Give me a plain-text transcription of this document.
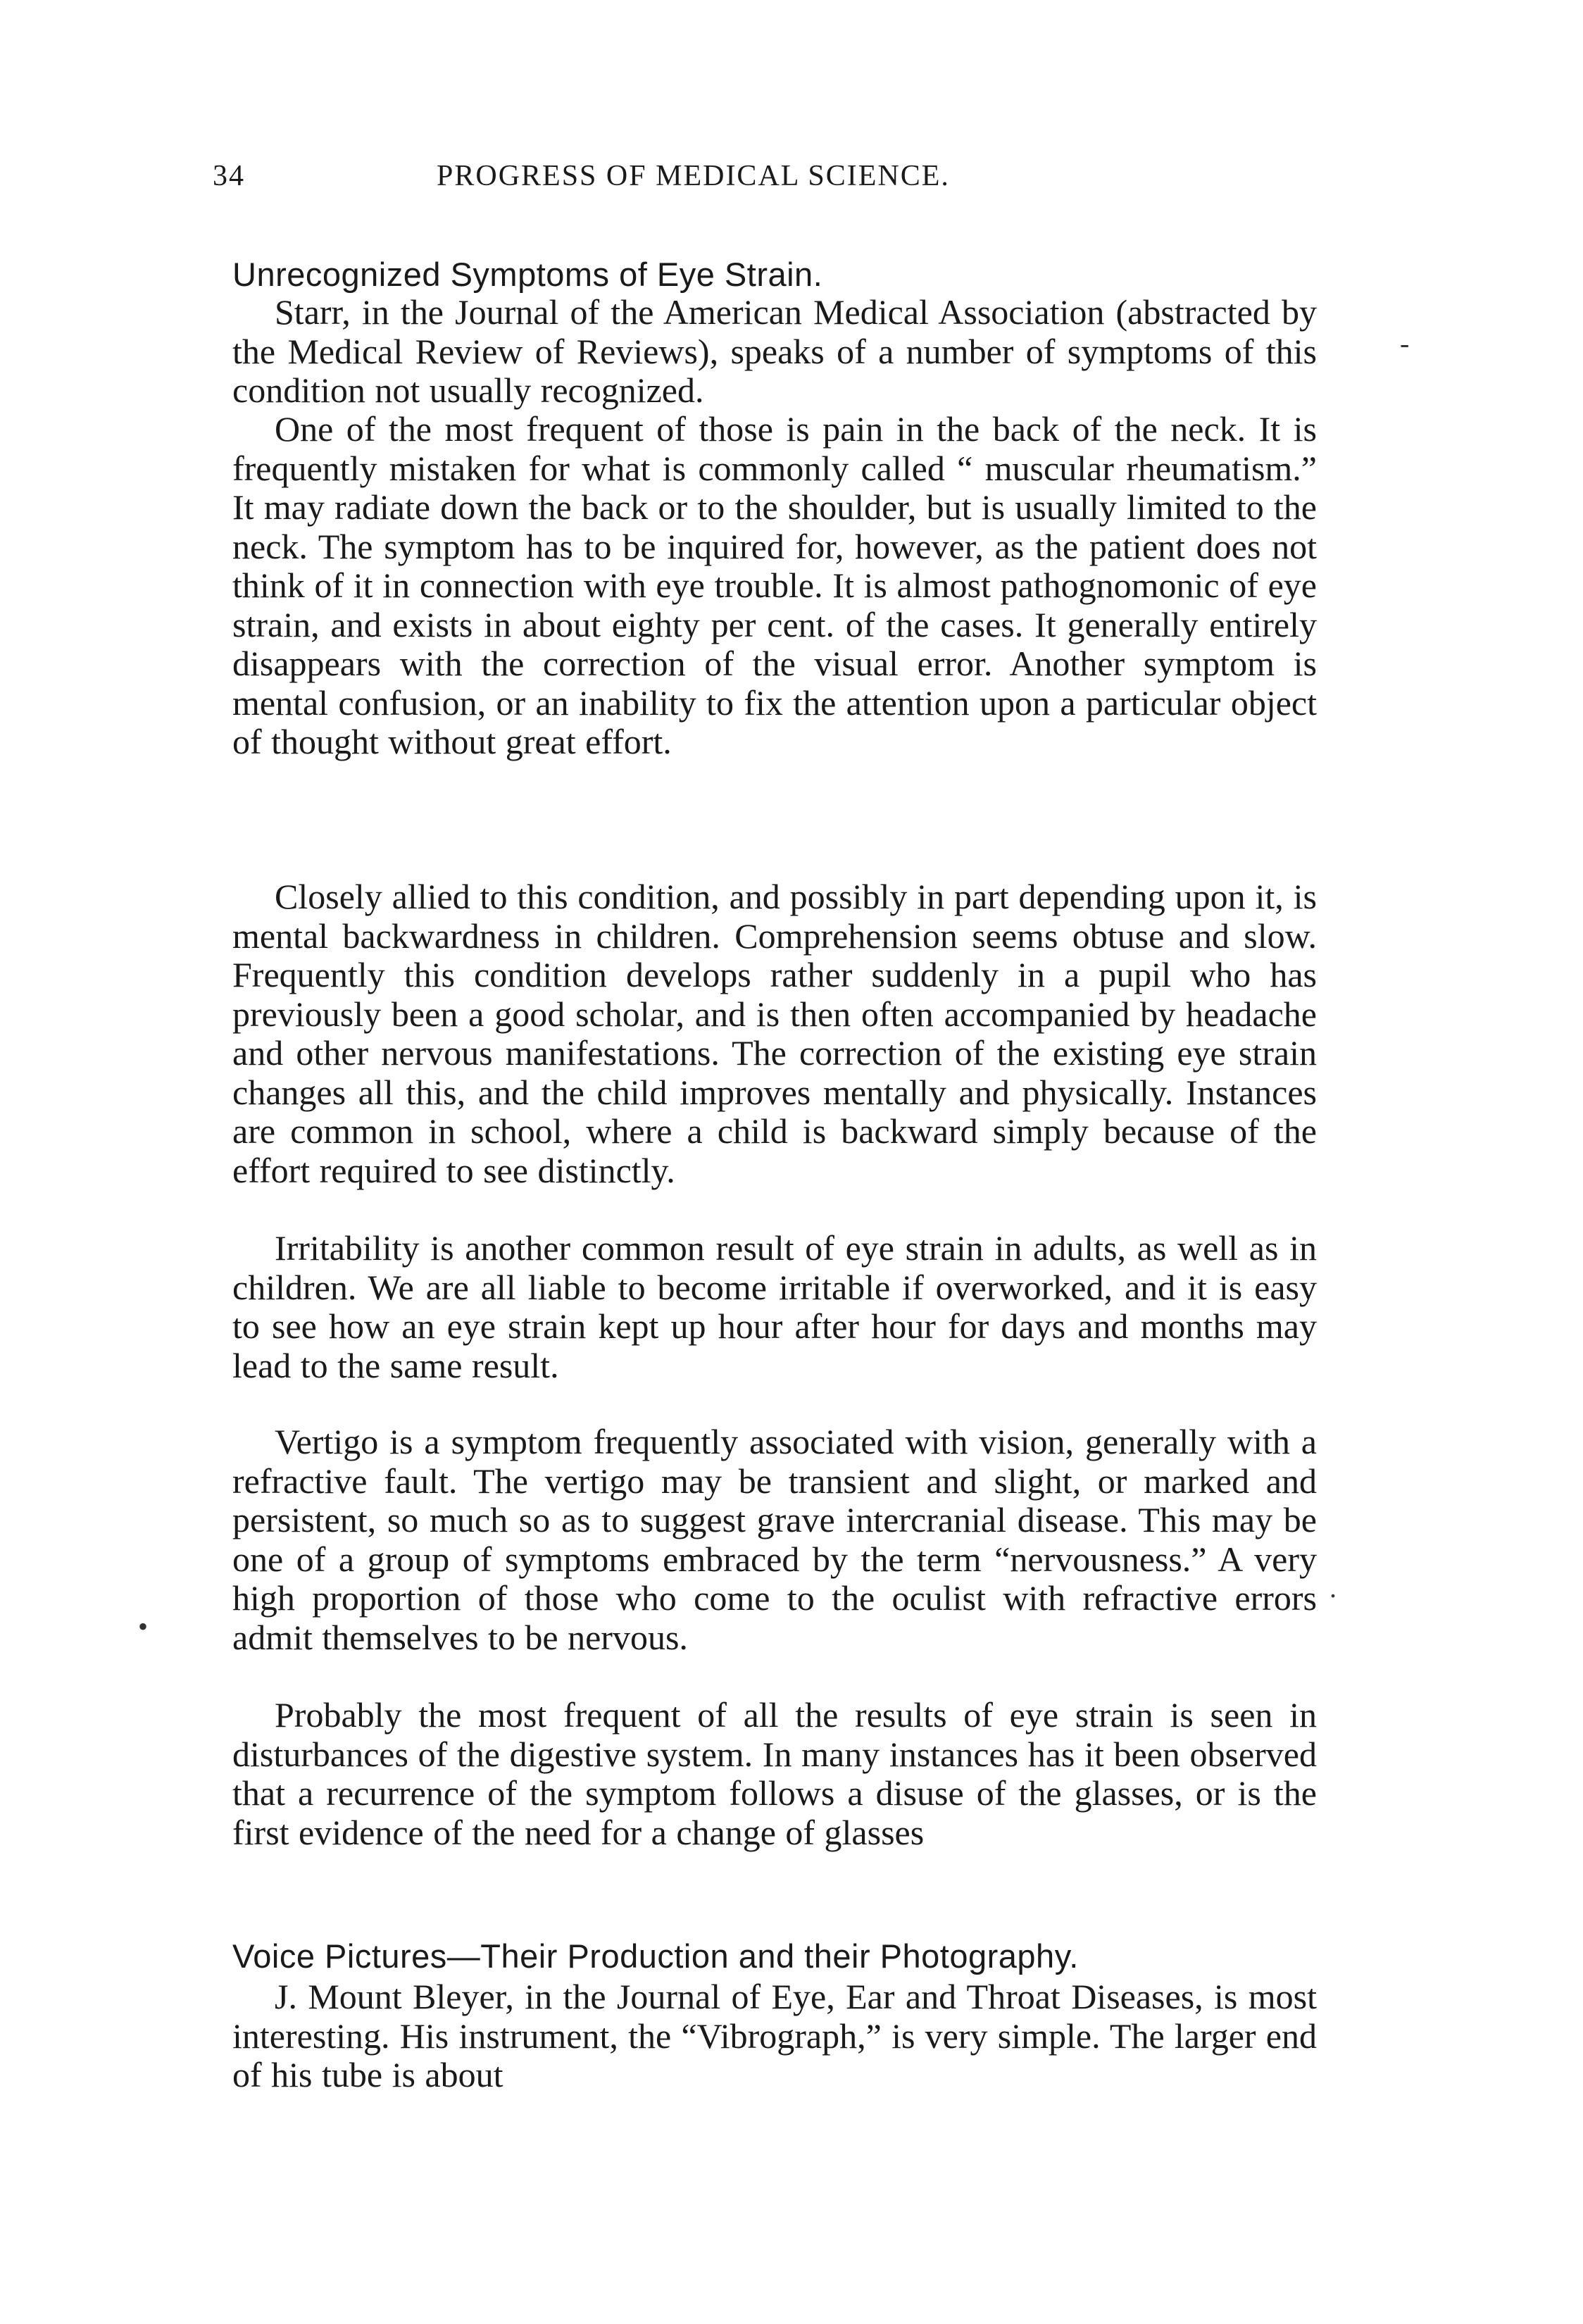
34	PROGRESS OF MEDICAL SCIENCE.
Unrecognized Symptoms of Eye Strain.

Starr, in the Journal of the American Medical Association (abstracted by the Medical Review of Reviews), speaks of a number of symptoms of this condition not usually recognized.

One of the most frequent of those is pain in the back of the neck. It is frequently mistaken for what is commonly called “ muscular rheumatism.” It may radiate down the back or to the shoulder, but is usually limited to the neck. The symptom has to be inquired for, however, as the patient does not think of it in connection with eye trouble. It is almost pathognomonic of eye strain, and exists in about eighty per cent. of the cases. It generally entirely disappears with the correction of the visual error. Another symptom is mental confusion, or an inability to fix the attention upon a particular object of thought without great effort.

Closely allied to this condition, and possibly in part depending upon it, is mental backwardness in children. Comprehension seems obtuse and slow. Frequently this condition develops rather suddenly in a pupil who has previously been a good scholar, and is then often accompanied by headache and other nervous manifestations. The correction of the existing eye strain changes all this, and the child improves mentally and physically. Instances are common in school, where a child is backward simply because of the effort required to see distinctly.

Irritability is another common result of eye strain in adults, as well as in children. We are all liable to become irritable if overworked, and it is easy to see how an eye strain kept up hour after hour for days and months may lead to the same result.

Vertigo is a symptom frequently associated with vision, generally with a refractive fault. The vertigo may be transient and slight, or marked and persistent, so much so as to suggest grave intercranial disease. This may be one of a group of symptoms embraced by the term “nervousness.” A very high proportion of those who come to the oculist with refractive errors admit themselves to be nervous.

Probably the most frequent of all the results of eye strain is seen in disturbances of the digestive system. In many instances has it been observed that a recurrence of the symptom follows a disuse of the glasses, or is the first evidence of the need for a change of glasses

Voice Pictures—Their Production and their Photography.

J. Mount Bleyer, in the Journal of Eye, Ear and Throat Diseases, is most interesting. His instrument, the “Vibrograph,” is very simple. The larger end of his tube is about

-
.
•
